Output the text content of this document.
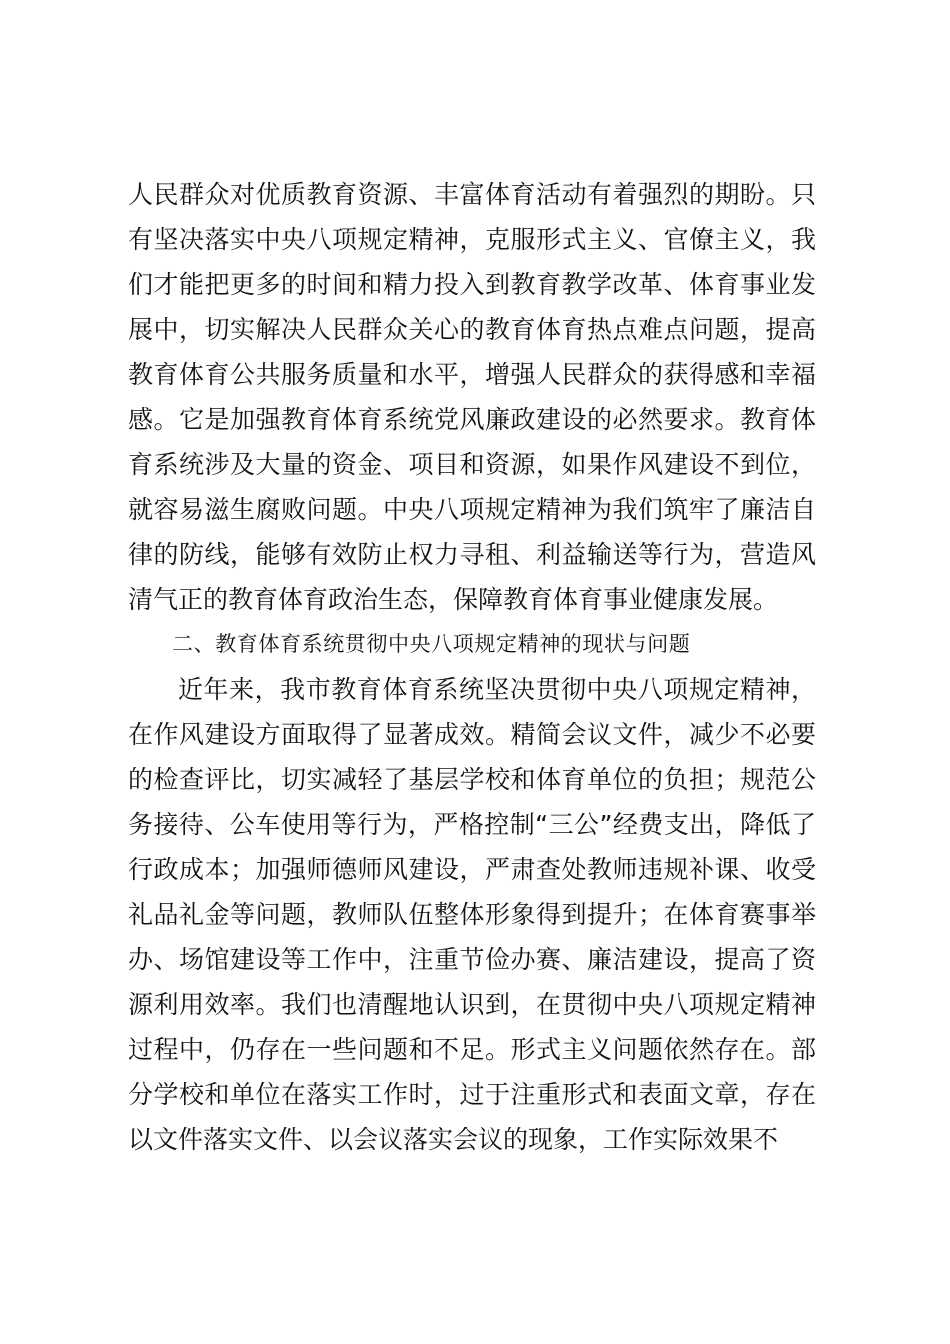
人民群众对优质教育资源、丰富体育活动有着强烈的期盼。只
有坚决落实中央八项规定精神，克服形式主义、官僚主义，我
们才能把更多的时间和精力投入到教育教学改革、体育事业发
展中，切实解决人民群众关心的教育体育热点难点问题，提高
教育体育公共服务质量和水平，增强人民群众的获得感和幸福
感。它是加强教育体育系统党风廉政建设的必然要求。教育体
育系统涉及大量的资金、项目和资源，如果作风建设不到位，
就容易滋生腐败问题。中央八项规定精神为我们筑牢了廉洁自
律的防线，能够有效防止权力寻租、利益输送等行为，营造风
清气正的教育体育政治生态，保障教育体育事业健康发展。
二、教育体育系统贯彻中央八项规定精神的现状与问题
近年来，我市教育体育系统坚决贯彻中央八项规定精神，
在作风建设方面取得了显著成效。精简会议文件，减少不必要
的检查评比，切实减轻了基层学校和体育单位的负担；规范公
务接待、公车使用等行为，严格控制“三公”经费支出，降低了
行政成本；加强师德师风建设，严肃查处教师违规补课、收受
礼品礼金等问题，教师队伍整体形象得到提升；在体育赛事举
办、场馆建设等工作中，注重节俭办赛、廉洁建设，提高了资
源利用效率。我们也清醒地认识到，在贯彻中央八项规定精神
过程中，仍存在一些问题和不足。形式主义问题依然存在。部
分学校和单位在落实工作时，过于注重形式和表面文章，存在
以文件落实文件、以会议落实会议的现象，工作实际效果不
